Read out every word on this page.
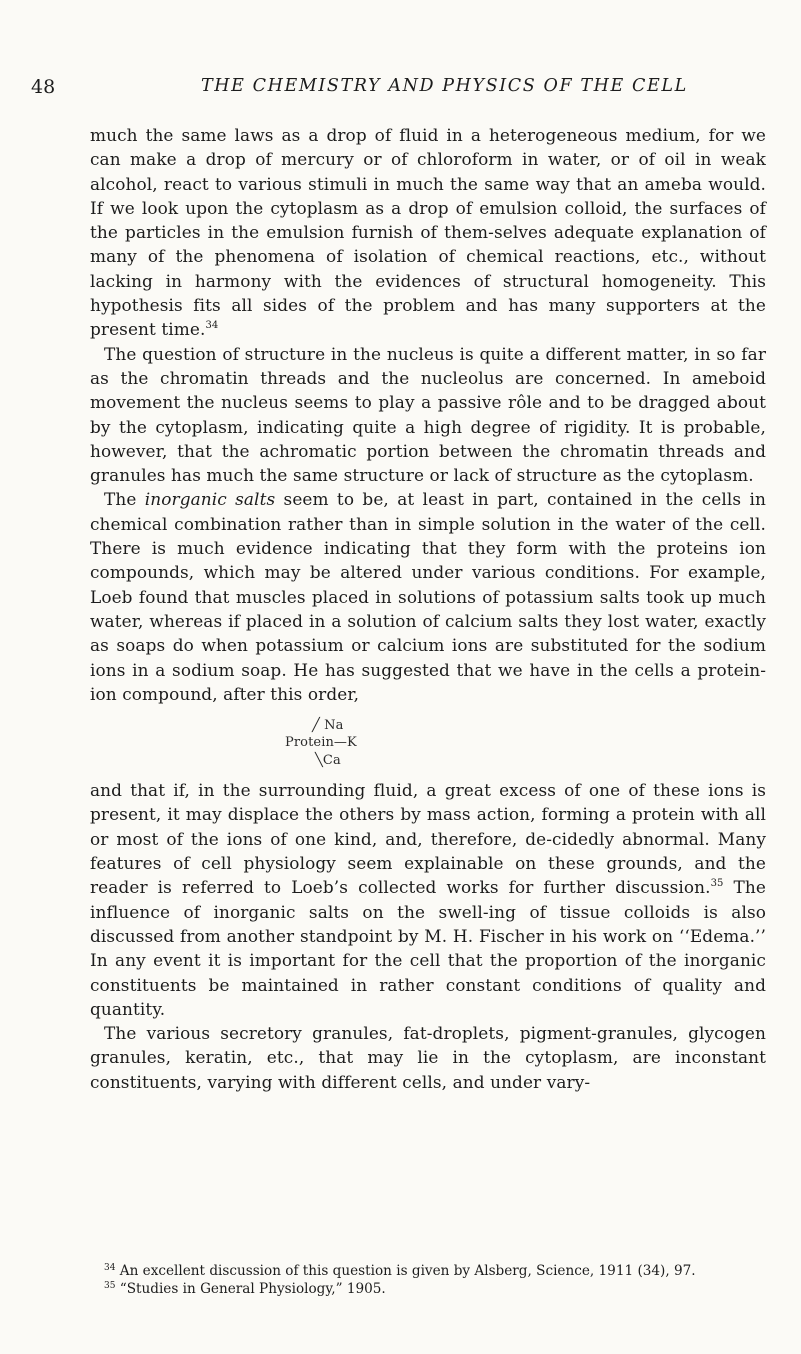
48	THE CHEMISTRY AND PHYSICS OF THE CELL

much the same laws as a drop of fluid in a heterogeneous medium, for we can make a drop of mercury or of chloroform in water, or of oil in weak alcohol, react to various stimuli in much the same way that an ameba would. If we look upon the cytoplasm as a drop of emulsion colloid, the surfaces of the particles in the emulsion furnish of them-selves adequate explanation of many of the phenomena of isolation of chemical reactions, etc., without lacking in harmony with the evidences of structural homogeneity. This hypothesis fits all sides of the problem and has many supporters at the present time.$^{34}$

The question of structure in the nucleus is quite a different matter, in so far as the chromatin threads and the nucleolus are concerned. In ameboid movement the nucleus seems to play a passive rôle and to be dragged about by the cytoplasm, indicating quite a high degree of rigidity. It is probable, however, that the achromatic portion between the chromatin threads and granules has much the same structure or lack of structure as the cytoplasm.

The inorganic salts seem to be, at least in part, contained in the cells in chemical combination rather than in simple solution in the water of the cell. There is much evidence indicating that they form with the proteins ion compounds, which may be altered under various conditions. For example, Loeb found that muscles placed in solutions of potassium salts took up much water, whereas if placed in a solution of calcium salts they lost water, exactly as soaps do when potassium or calcium ions are substituted for the sodium ions in a sodium soap. He has suggested that we have in the cells a protein-ion compound, after this order,

╱ Na
Protein—K
╲Ca

and that if, in the surrounding fluid, a great excess of one of these ions is present, it may displace the others by mass action, forming a protein with all or most of the ions of one kind, and, therefore, de-cidedly abnormal. Many features of cell physiology seem explainable on these grounds, and the reader is referred to Loeb’s collected works for further discussion.$^{35}$ The influence of inorganic salts on the swell-ing of tissue colloids is also discussed from another standpoint by M. H. Fischer in his work on ‘‘Edema.’’ In any event it is important for the cell that the proportion of the inorganic constituents be maintained in rather constant conditions of quality and quantity.

The various secretory granules, fat-droplets, pigment-granules, glycogen granules, keratin, etc., that may lie in the cytoplasm, are inconstant constituents, varying with different cells, and under vary-

$^{34}$ An excellent discussion of this question is given by Alsberg, Science, 1911 (34), 97.

$^{35}$ “Studies in General Physiology,” 1905.
